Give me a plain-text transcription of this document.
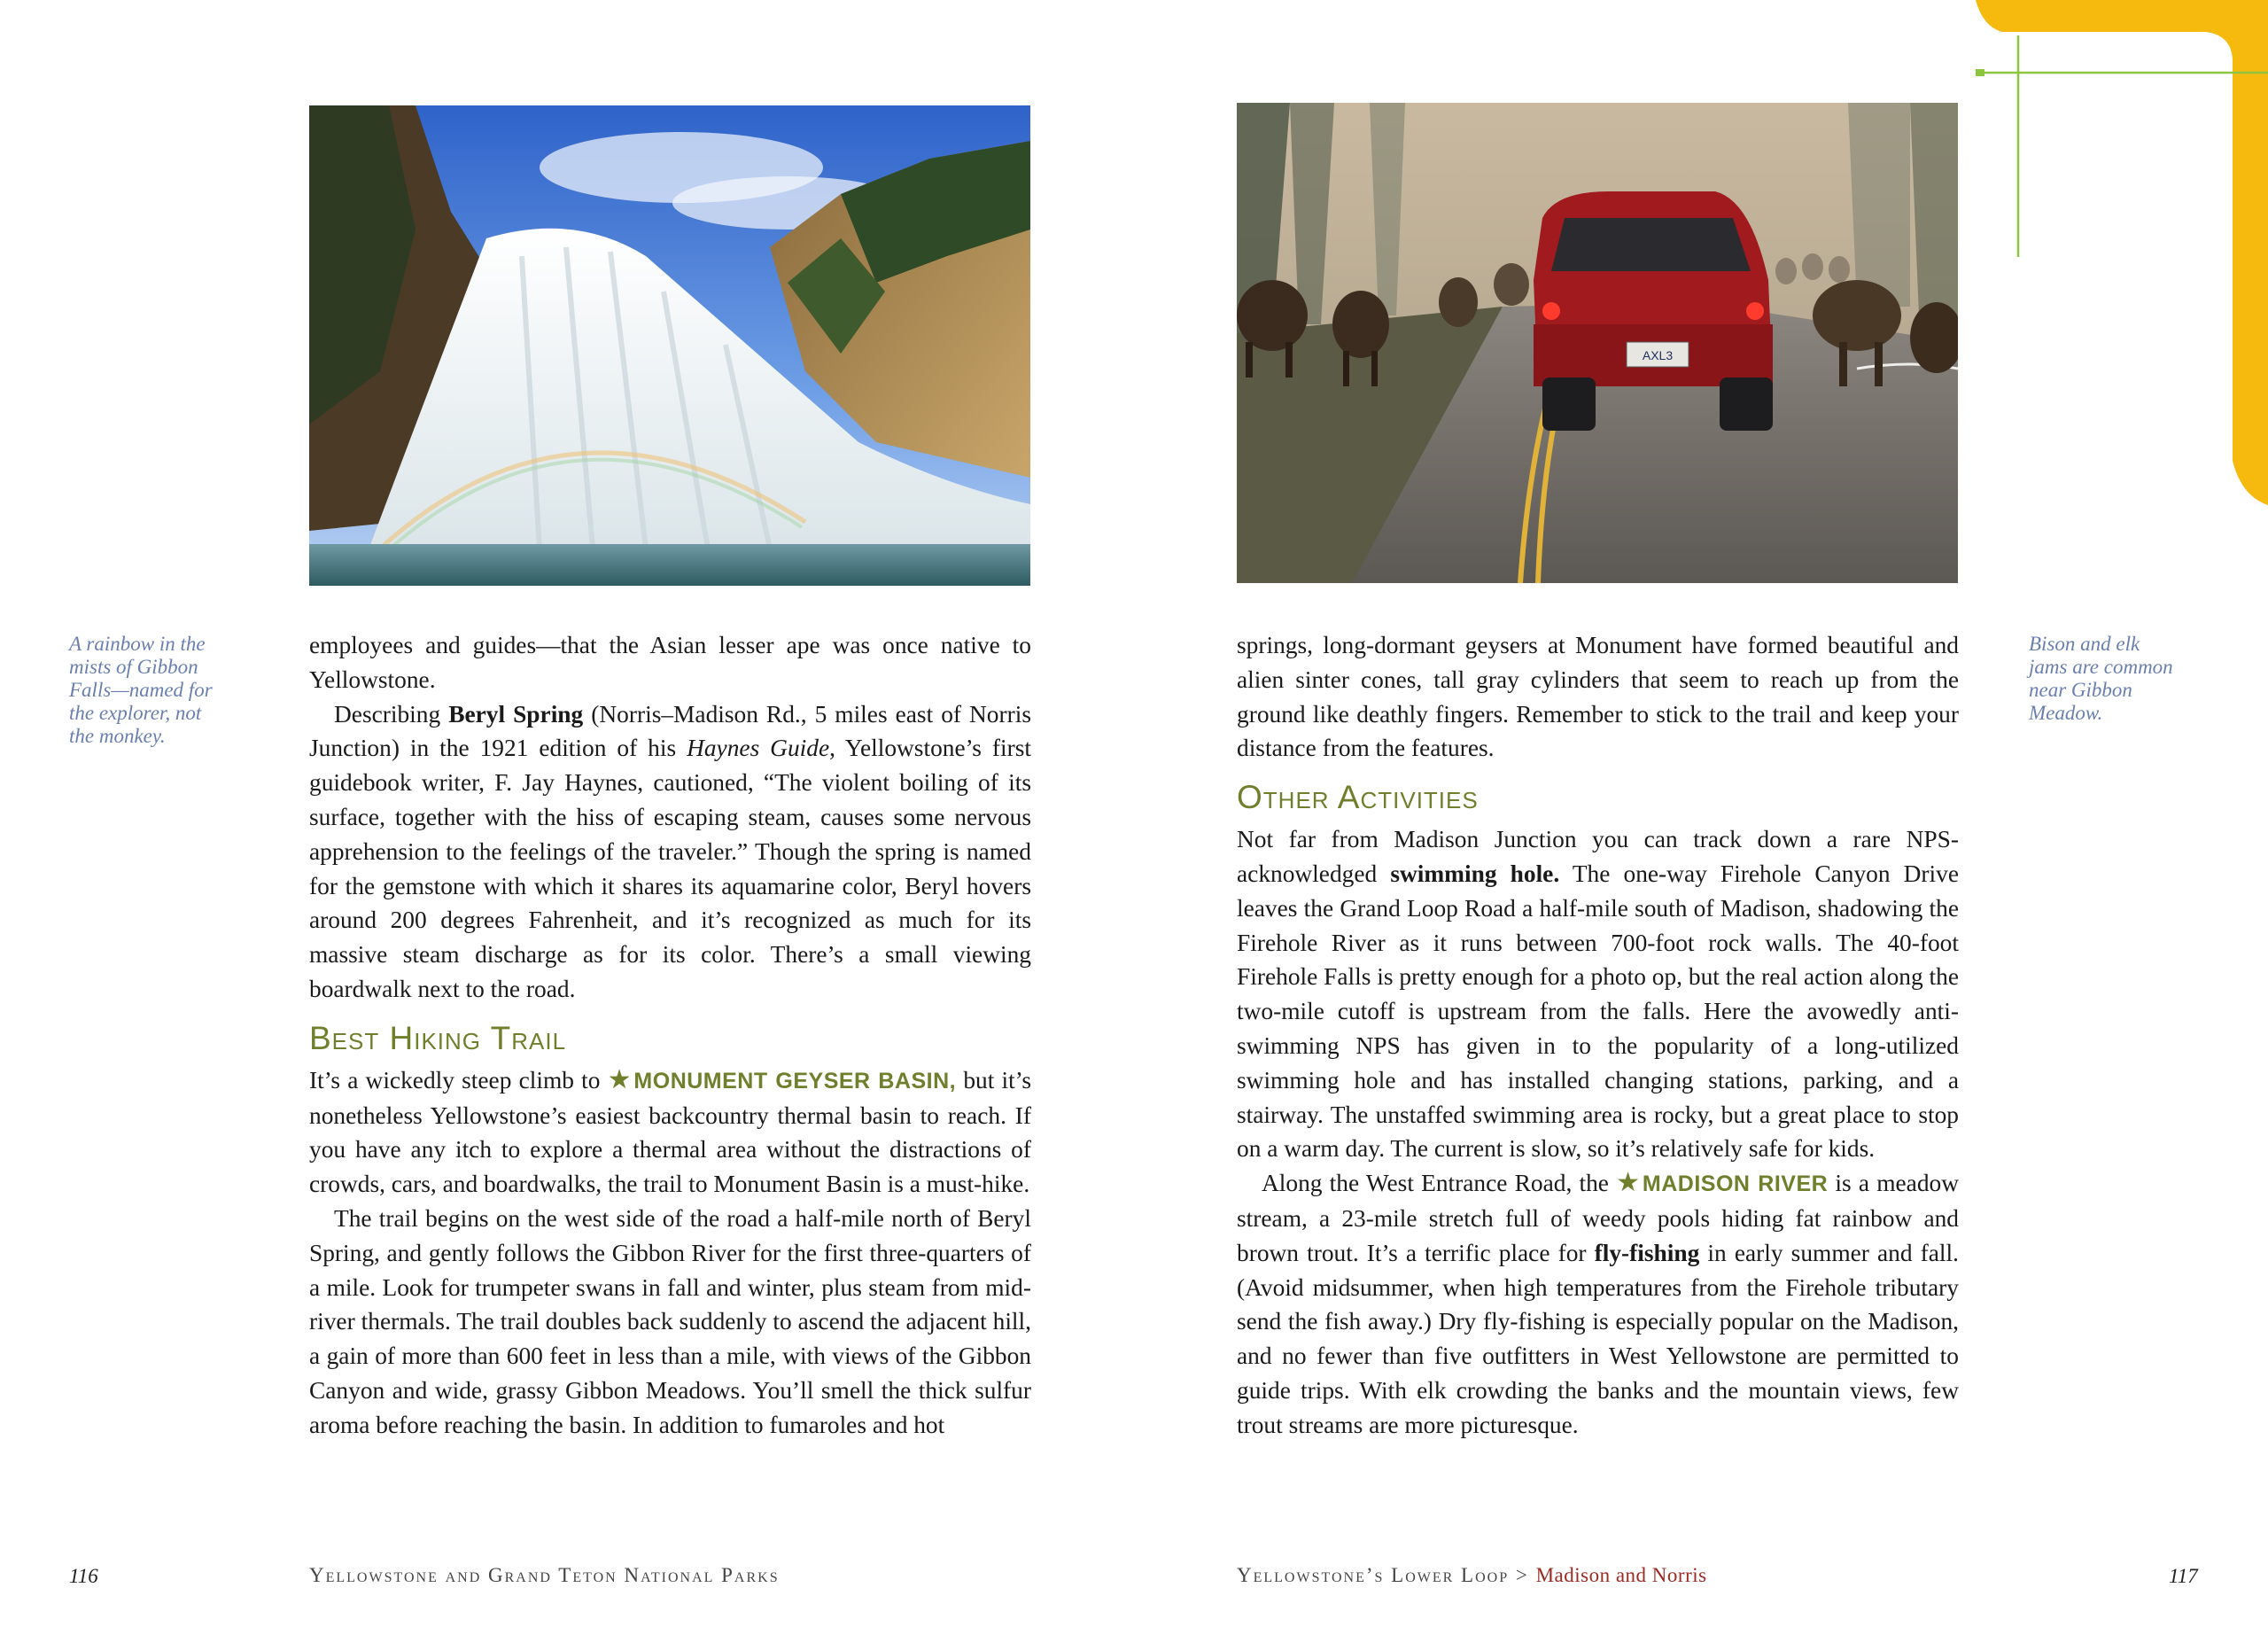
A rainbow in the
mists of Gibbon
Falls—named for
the explorer, not
the monkey.

employees and guides—that the Asian lesser ape was once native to Yellowstone.

Describing Beryl Spring (Norris–Madison Rd., 5 miles east of Norris Junction) in the 1921 edition of his Haynes Guide, Yellowstone’s first guidebook writer, F. Jay Haynes, cautioned, “The violent boiling of its surface, together with the hiss of escaping steam, causes some nervous apprehension to the feelings of the traveler.” Though the spring is named for the gemstone with which it shares its aquamarine color, Beryl hovers around 200 degrees Fahrenheit, and it’s recognized as much for its massive steam discharge as for its color. There’s a small viewing boardwalk next to the road.

Best Hiking Trail

It’s a wickedly steep climb to ★MONUMENT GEYSER BASIN, but it’s nonetheless Yellowstone’s easiest backcountry thermal basin to reach. If you have any itch to explore a thermal area without the distractions of crowds, cars, and boardwalks, the trail to Monument Basin is a must-hike.

The trail begins on the west side of the road a half-mile north of Beryl Spring, and gently follows the Gibbon River for the first three-quarters of a mile. Look for trumpeter swans in fall and winter, plus steam from mid-river thermals. The trail doubles back suddenly to ascend the adjacent hill, a gain of more than 600 feet in less than a mile, with views of the Gibbon Canyon and wide, grassy Gibbon Meadows. You’ll smell the thick sulfur aroma before reaching the basin. In addition to fumaroles and hot

116	Yellowstone and Grand Teton National Parks
AXL3
Bison and elk
jams are common
near Gibbon
Meadow.

springs, long-dormant geysers at Monument have formed beautiful and alien sinter cones, tall gray cylinders that seem to reach up from the ground like deathly fingers. Remember to stick to the trail and keep your distance from the features.

Other Activities

Not far from Madison Junction you can track down a rare NPS-acknowledged swimming hole. The one-way Firehole Canyon Drive leaves the Grand Loop Road a half-mile south of Madison, shadowing the Firehole River as it runs between 700-foot rock walls. The 40-foot Firehole Falls is pretty enough for a photo op, but the real action along the two-mile cutoff is upstream from the falls. Here the avowedly anti-swimming NPS has given in to the popularity of a long-utilized swimming hole and has installed changing stations, parking, and a stairway. The unstaffed swimming area is rocky, but a great place to stop on a warm day. The current is slow, so it’s relatively safe for kids.

Along the West Entrance Road, the ★MADISON RIVER is a meadow stream, a 23-mile stretch full of weedy pools hiding fat rainbow and brown trout. It’s a terrific place for fly-fishing in early summer and fall. (Avoid midsummer, when high temperatures from the Firehole tributary send the fish away.) Dry fly-fishing is especially popular on the Madison, and no fewer than five outfitters in West Yellowstone are permitted to guide trips. With elk crowding the banks and the mountain views, few trout streams are more picturesque.

Yellowstone’s Lower Loop > Madison and Norris	117
